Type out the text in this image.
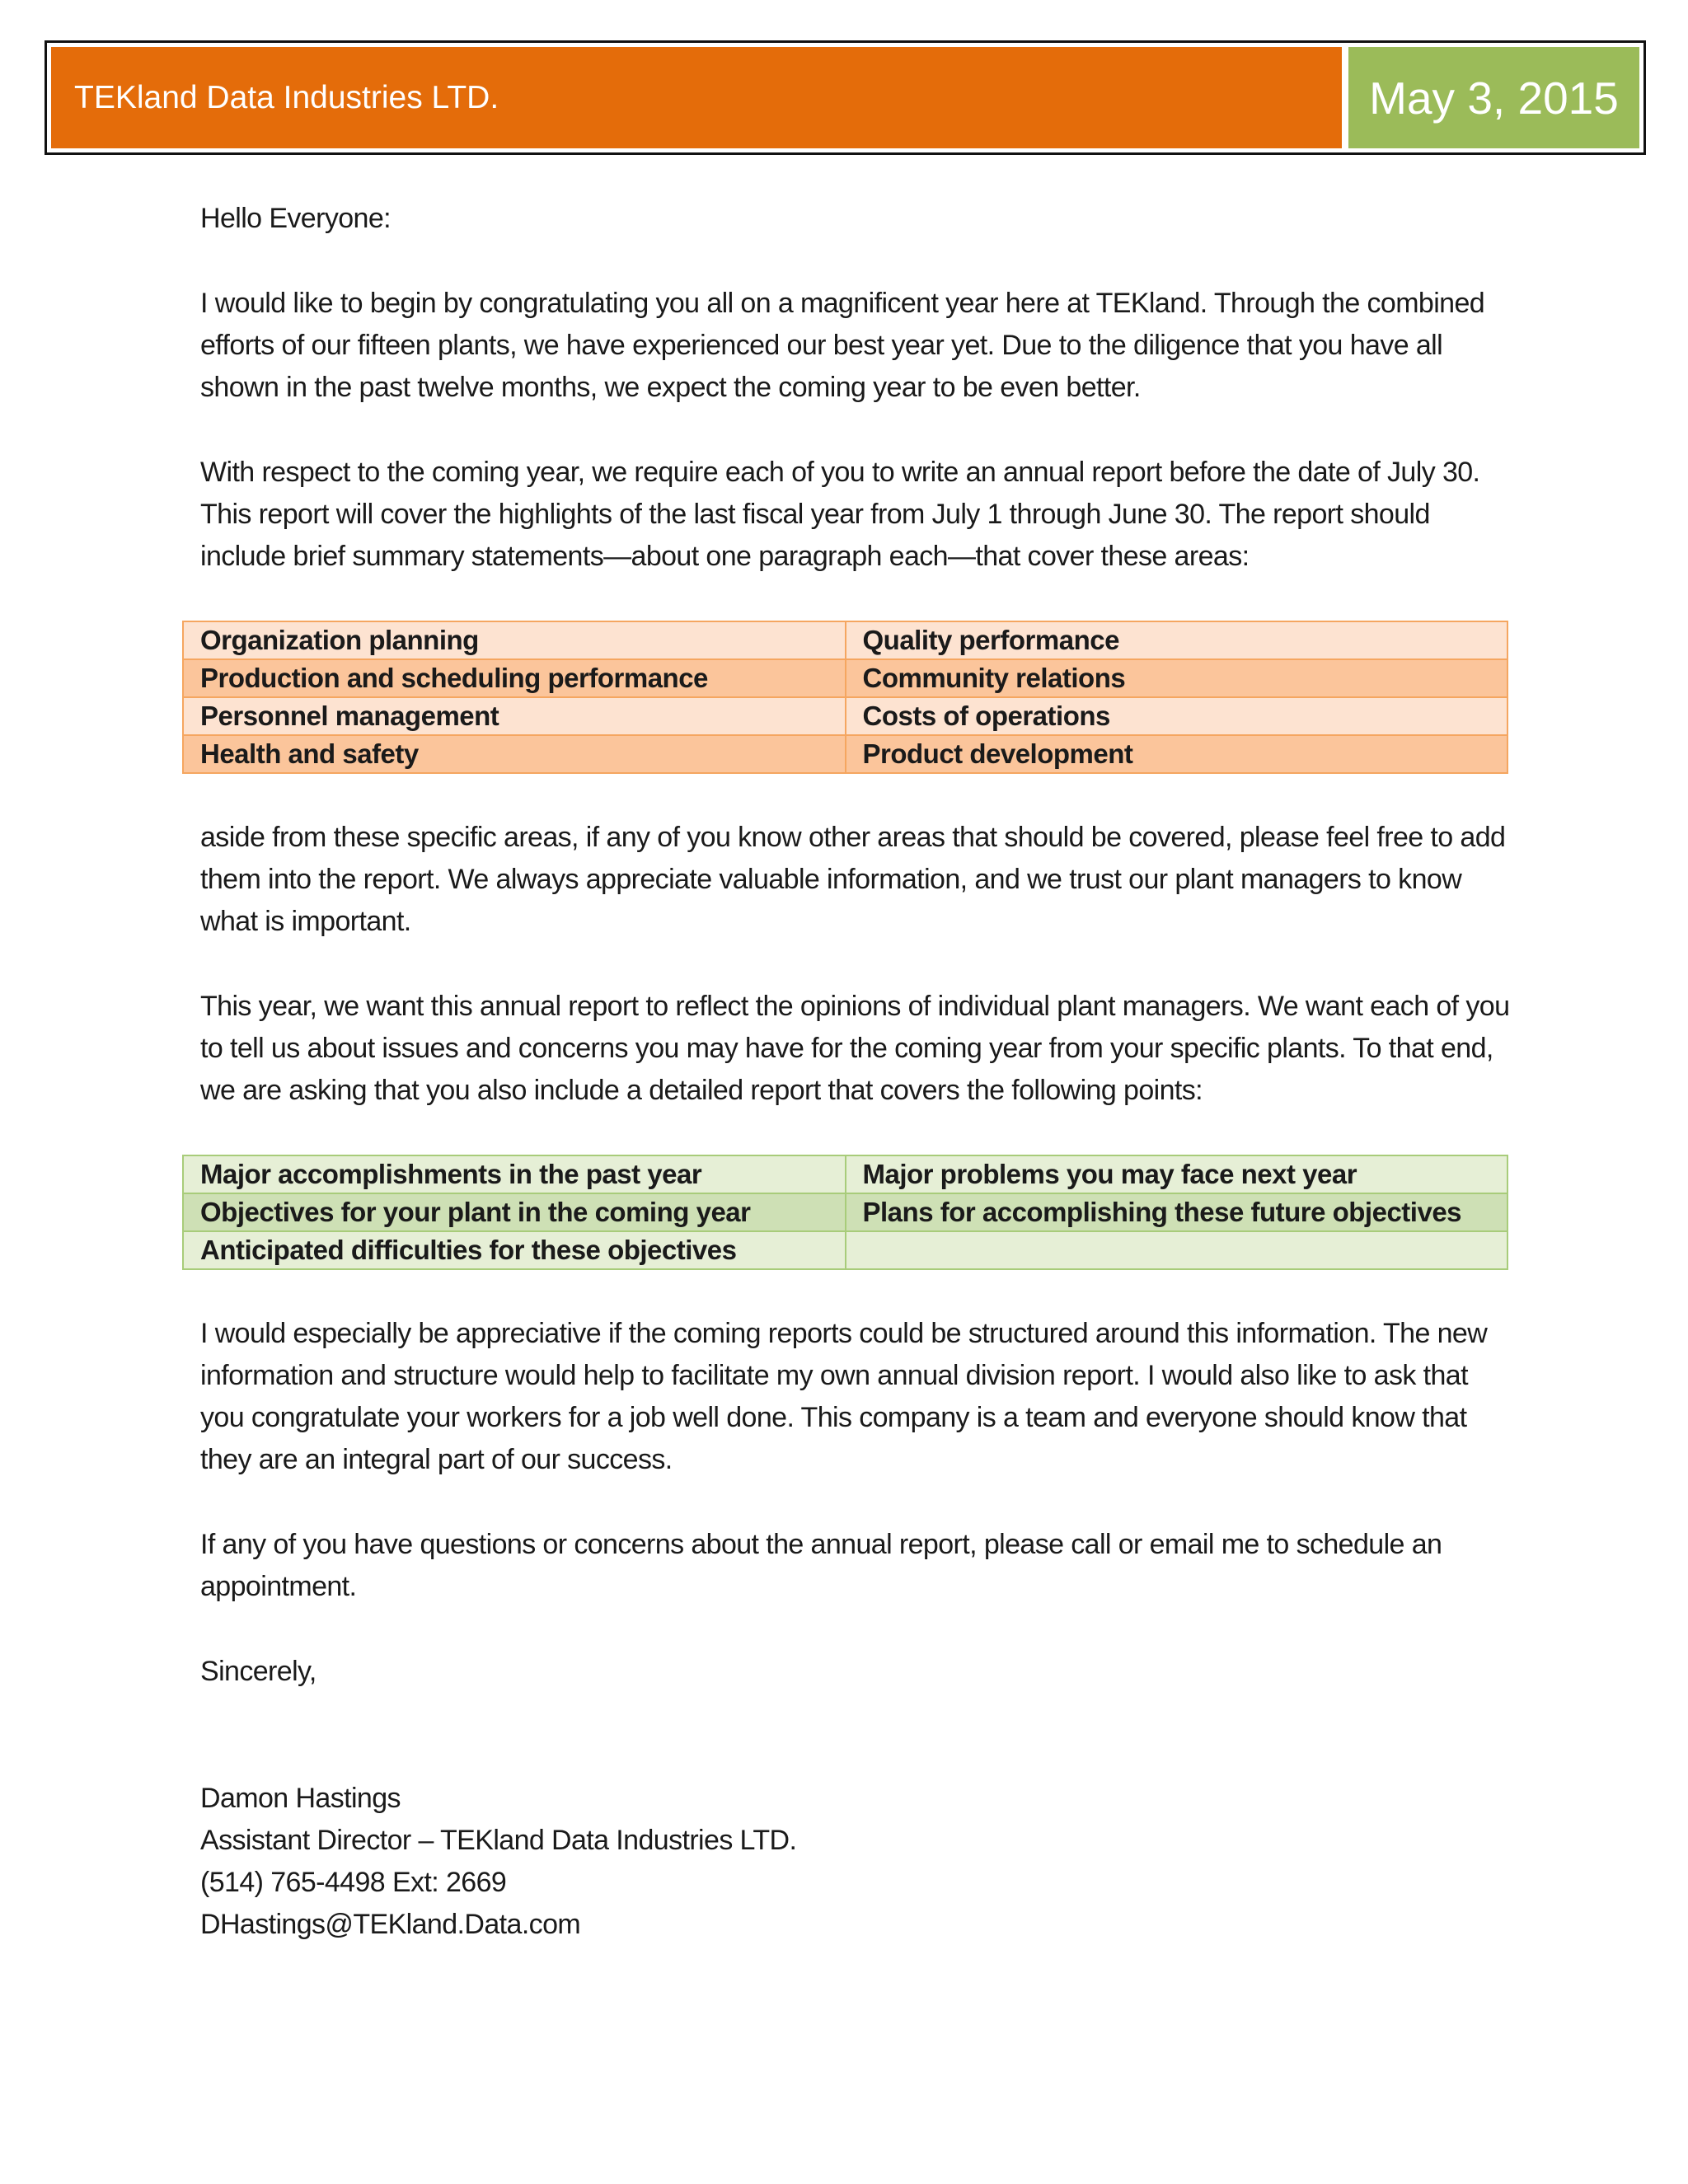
TEKland Data Industries LTD.	May 3, 2015

Hello Everyone:

I would like to begin by congratulating you all on a magnificent year here at TEKland. Through the combined efforts of our fifteen plants, we have experienced our best year yet. Due to the diligence that you have all shown in the past twelve months, we expect the coming year to be even better.

With respect to the coming year, we require each of you to write an annual report before the date of July 30. This report will cover the highlights of the last fiscal year from July 1 through June 30. The report should include brief summary statements—about one paragraph each—that cover these areas:

Organization planning	Quality performance
Production and scheduling performance	Community relations
Personnel management	Costs of operations
Health and safety	Product development

aside from these specific areas, if any of you know other areas that should be covered, please feel free to add them into the report. We always appreciate valuable information, and we trust our plant managers to know what is important.

This year, we want this annual report to reflect the opinions of individual plant managers. We want each of you to tell us about issues and concerns you may have for the coming year from your specific plants. To that end, we are asking that you also include a detailed report that covers the following points:

Major accomplishments in the past year	Major problems you may face next year
Objectives for your plant in the coming year	Plans for accomplishing these future objectives
Anticipated difficulties for these objectives	

I would especially be appreciative if the coming reports could be structured around this information. The new information and structure would help to facilitate my own annual division report. I would also like to ask that you congratulate your workers for a job well done. This company is a team and everyone should know that they are an integral part of our success.

If any of you have questions or concerns about the annual report, please call or email me to schedule an appointment.

Sincerely,

Damon Hastings
Assistant Director – TEKland Data Industries LTD.
(514) 765-4498 Ext: 2669
DHastings@TEKland.Data.com
